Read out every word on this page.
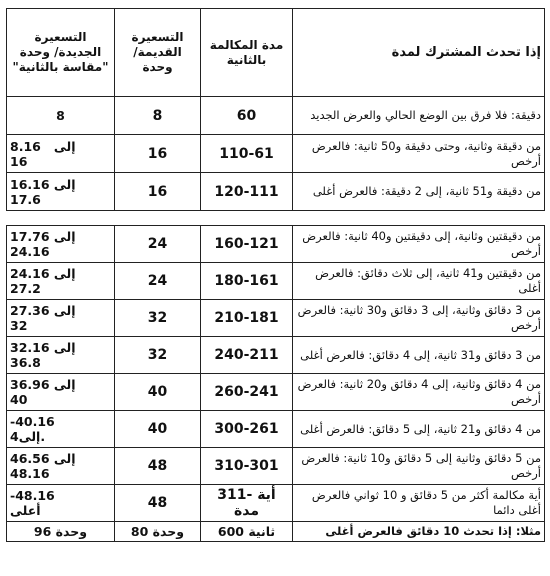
إذا تحدث المشترك لمدة	مدة المكالمة بالثانية	التسعيرة القديمة/ وحدة	التسعيرة الجديدة/ وحدة "مقاسة بالثانية"
دقيقة: فلا فرق بين الوضع الحالي والعرض الجديد	60	8	8

من دقيقة وثانية، وحتى دقيقة و50 ثانية: فالعرض أرخص	110-61	16	8.16   إلى
16

من دقيقة و51 ثانية، إلى 2 دقيقة: فالعرض أغلى	120-111	16	16.16 إلى
17.6

من دقيقتين وثانية، إلى دقيقتين و40 ثانية: فالعرض أرخص	160-121	24	17.76 إلى
24.16

من دقيقتين و41 ثانية، إلى ثلاث دقائق: فالعرض أغلى	180-161	24	24.16 إلى
27.2

من 3 دقائق وثانية، إلى 3 دقائق و30 ثانية: فالعرض أرخص	210-181	32	27.36 إلى
32

من 3 دقائق و31 ثانية، إلى 4 دقائق: فالعرض أغلى	240-211	32	32.16 إلى
36.8

من 4 دقائق وثانية، إلى 4 دقائق و20 ثانية: فالعرض أرخص	260-241	40	36.96 إلى
40

من 4 دقائق و21 ثانية، إلى 5 دقائق: فالعرض أغلى	300-261	40	-40.16
إلى4.

من 5 دقائق وثانية إلى 5 دقائق و10 ثانية: فالعرض أرخص	310-301	48	46.56 إلى
48.16

أية مكالمة أكثر من 5 دقائق و 10 ثواني فالعرض أغلى دائما	311- أية مدة	48	-48.16
أعلى

مثلا: إذا تحدث 10 دقائق فالعرض أغلى	600 ثانية	80 وحدة	96 وحدة
